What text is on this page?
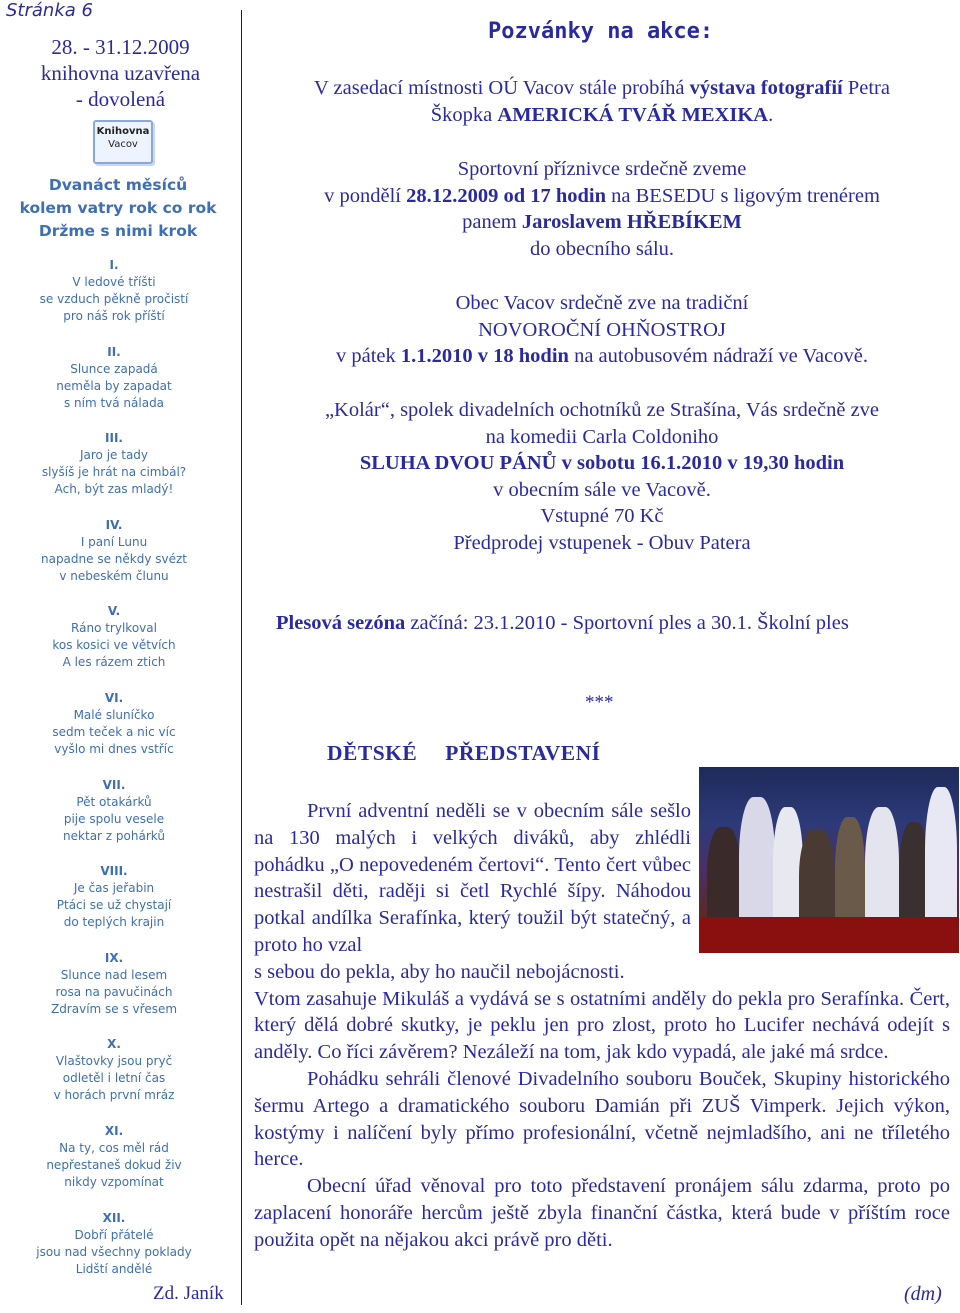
Stránka 6
28. - 31.12.2009
knihovna uzavřena
- dovolená
Knihovna
Vacov
Dvanáct měsíců
kolem vatry rok co rok
Držme s nimi krok
I.
V ledové tříšti
se vzduch pěkně pročistí
pro náš rok příští
II.
Slunce zapadá
neměla by zapadat
s ním tvá nálada
III.
Jaro je tady
slyšíš je hrát na cimbál?
Ach, být zas mladý!
IV.
I paní Lunu
napadne se někdy svézt
v nebeském člunu
V.
Ráno trylkoval
kos kosici ve větvích
A les rázem ztich
VI.
Malé sluníčko
sedm teček a nic víc
vyšlo mi dnes vstříc
VII.
Pět otakárků
pije spolu vesele
nektar z pohárků
VIII.
Je čas jeřabin
Ptáci se už chystají
do teplých krajin
IX.
Slunce nad lesem
rosa na pavučinách
Zdravím se s vřesem
X.
Vlaštovky jsou pryč
odletěl i letní čas
v horách první mráz
XI.
Na ty, cos měl rád
nepřestaneš dokud živ
nikdy vzpomínat
XII.
Dobří přátelé
jsou nad všechny poklady
Lidští andělé
Zd. Janík
Pozvánky na akce:
V zasedací místnosti OÚ Vacov stále probíhá výstava fotografií Petra
Škopka AMERICKÁ TVÁŘ MEXIKA.
Sportovní příznivce srdečně zveme
v pondělí 28.12.2009 od 17 hodin na BESEDU s ligovým trenérem
panem Jaroslavem HŘEBÍKEM
do obecního sálu.
Obec Vacov srdečně zve na tradiční
NOVOROČNÍ OHŇOSTROJ
v pátek 1.1.2010 v 18 hodin na autobusovém nádraží ve Vacově.
„Kolár“, spolek divadelních ochotníků ze Strašína, Vás srdečně zve
na komedii Carla Coldoniho
SLUHA DVOU PÁNŮ v sobotu 16.1.2010 v 19,30 hodin
v obecním sále ve Vacově.
Vstupné 70 Kč
Předprodej vstupenek - Obuv Patera
Plesová sezóna začíná: 23.1.2010 - Sportovní ples a 30.1. Školní ples
***
DĚTSKÉ PŘEDSTAVENÍ
První adventní neděli se v obecním sále sešlo na 130 malých i velkých diváků, aby zhlédli pohádku „O nepovedeném čertovi“. Tento čert vůbec nestrašil děti, raději si četl Rychlé šípy. Náhodou potkal andílka Serafínka, který toužil být statečný, a proto ho vzal
s sebou do pekla, aby ho naučil nebojácnosti.
Vtom zasahuje Mikuláš a vydává se s ostatními anděly do pekla pro Serafínka. Čert, který dělá dobré skutky, je peklu jen pro zlost, proto ho Lucifer nechává odejít s anděly. Co říci závěrem? Nezáleží na tom, jak kdo vypadá, ale jaké má srdce.
Pohádku sehráli členové Divadelního souboru Bouček, Skupiny historického šermu Artego a dramatického souboru Damián při ZUŠ Vimperk. Jejich výkon, kostýmy i nalíčení byly přímo profesionální, včetně nejmladšího, ani ne tříletého herce.
Obecní úřad věnoval pro toto představení pronájem sálu zdarma, proto po zaplacení honoráře hercům ještě zbyla finanční částka, která bude v příštím roce použita opět na nějakou akci právě pro děti.
(dm)
